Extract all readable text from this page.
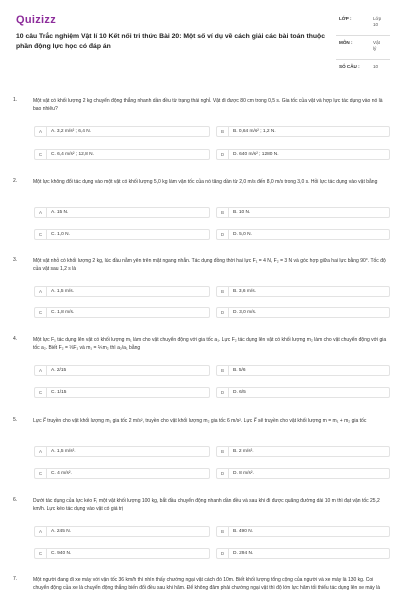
Quizizz
10 câu Trắc nghiệm Vật lí 10 Kết nối tri thức Bài 20: Một số ví dụ về cách giải các bài toán thuộc phần động lực học có đáp án
LỚP :	Lớp 10
MÔN :	Vật lý
SỐ CÂU :	10
1.	Một vật có khối lượng 2 kg chuyển động thẳng nhanh dần đều từ trạng thái nghỉ. Vật đi được 80 cm trong 0,5 s. Gia tốc của vật và hợp lực tác dụng vào nó là bao nhiêu?
A	A. 3,2 m/s² ; 6,4 N.	B	B. 0,64 m/s² ; 1,2 N.
C	C. 6,4 m/s² ; 12,8 N.	D	D. 640 m/s² ; 1280 N.
2.	Một lực không đổi tác dụng vào một vật có khối lượng 5,0 kg làm vận tốc của nó tăng dần từ 2,0 m/s đến 8,0 m/s trong 3,0 s. Hỏi lực tác dụng vào vật bằng
A	A. 15 N.	B	B. 10 N.
C	C. 1,0 N.	D	D. 5,0 N.
3.	Một vật nhỏ có khối lượng 2 kg, lúc đầu nằm yên trên mặt ngang nhẵn. Tác dụng đồng thời hai lực F₁ = 4 N, F₂ = 3 N và góc hợp giữa hai lực bằng 90°. Tốc độ của vật sau 1,2 s là
A	A. 1,5 m/s.	B	B. 3,6 m/s.
C	C. 1,8 m/s.	D	D. 3,0 m/s.
4.	Một lực F₁ tác dụng lên vật có khối lượng m₁ làm cho vật chuyển động với gia tốc a₁. Lực F₂ tác dụng lên vật có khối lượng m₂ làm cho vật chuyển động với gia tốc a₂. Biết F₂ = ⅓F₁ và m₁ = ⅖m₂ thì a₂/a₁ bằng
A	A. 2/15	B	B. 5/6
C	C. 1/15	D	D. 6/5
5.	Lực F⃗ truyền cho vật khối lượng m₁ gia tốc 2 m/s², truyền cho vật khối lượng m₂ gia tốc 6 m/s². Lực F⃗ sẽ truyền cho vật khối lượng m = m₁ + m₂ gia tốc
A	A. 1,5 m/s².	B	B. 2 m/s².
C	C. 4 m/s².	D	D. 8 m/s².
6.	Dưới tác dụng của lực kéo F, một vật khối lượng 100 kg, bắt đầu chuyển động nhanh dần đều và sau khi đi được quãng đường dài 10 m thì đạt vận tốc 25,2 km/h. Lực kéo tác dụng vào vật có giá trị
A	A. 245 N.	B	B. 490 N.
C	C. 940 N.	D	D. 294 N.
7.	Một người đang đi xe máy với vận tốc 36 km/h thì nhìn thấy chướng ngại vật cách đó 10m. Biết khối lượng tổng cộng của người và xe máy là 130 kg. Coi chuyển động của xe là chuyển động thẳng biến đổi đều sau khi hãm. Để không đâm phải chướng ngại vật thì độ lớn lực hãm tối thiểu tác dụng lên xe máy là
